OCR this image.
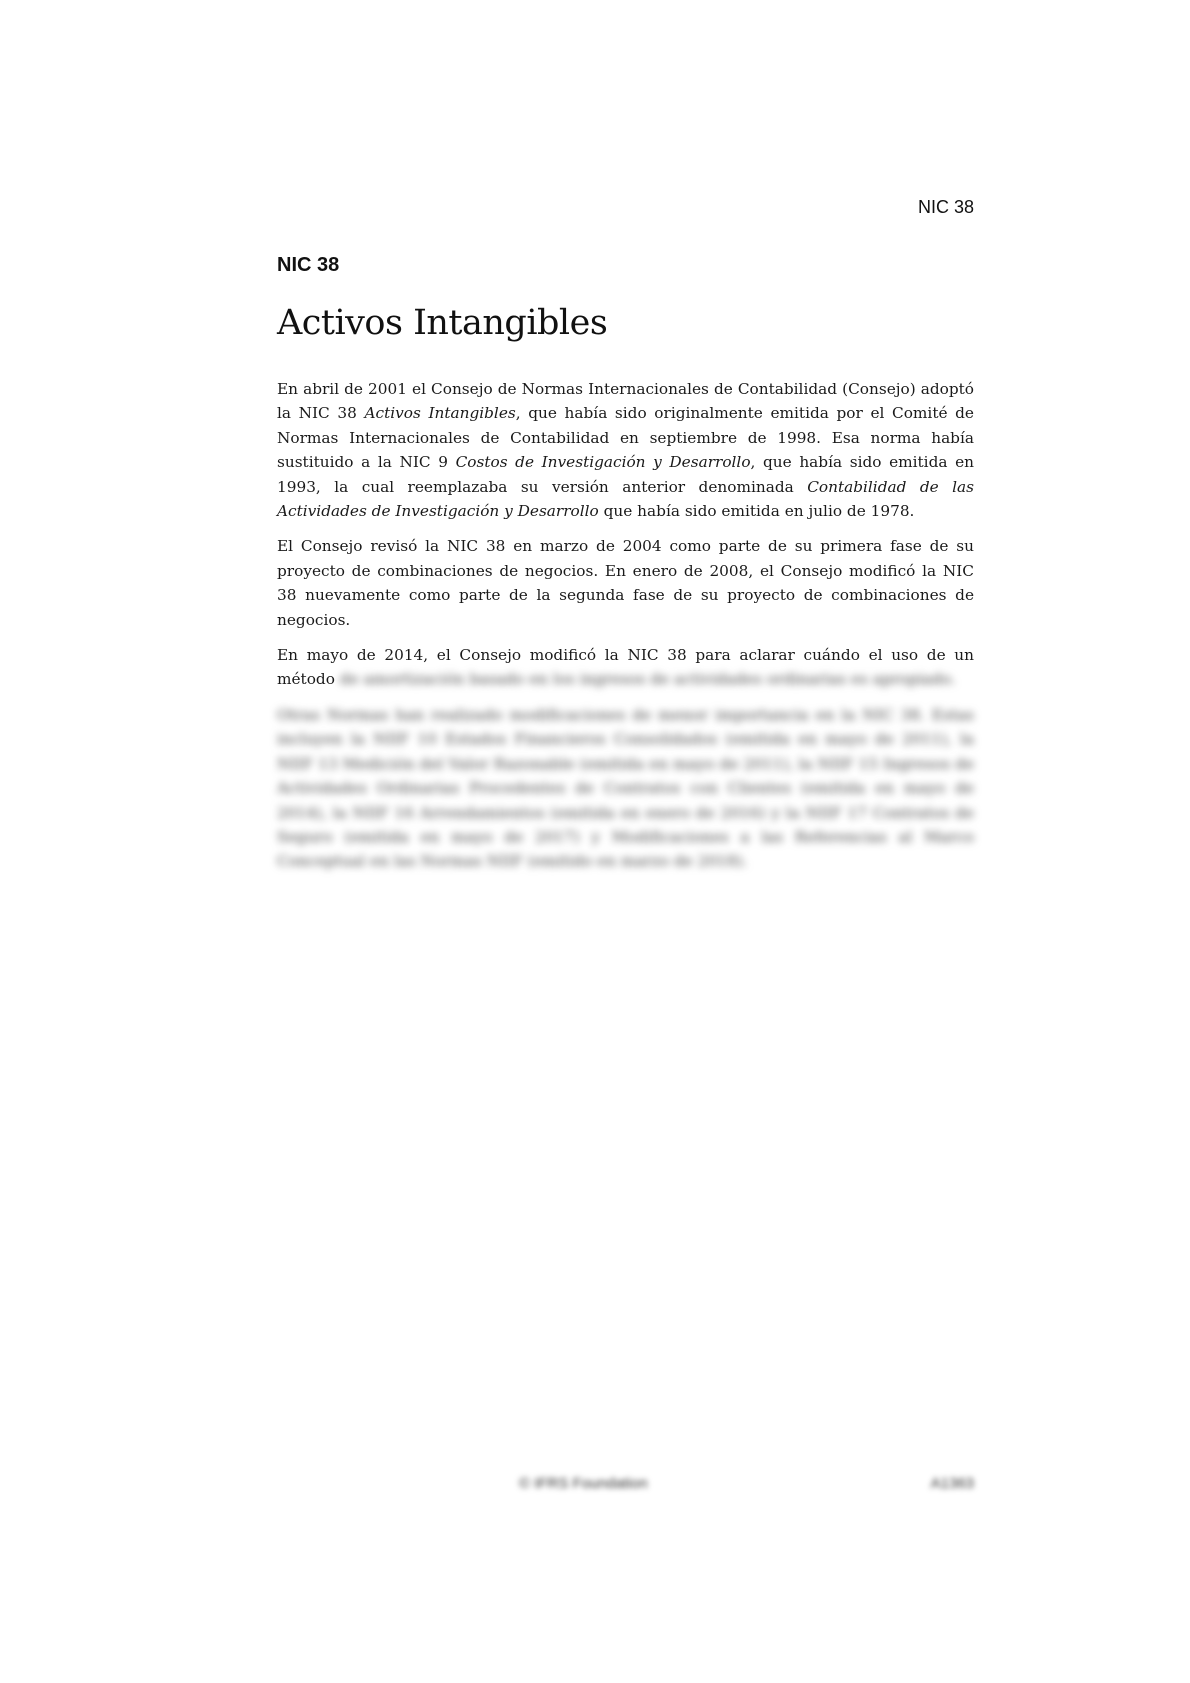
NIC 38
NIC 38
Activos Intangibles

En abril de 2001 el Consejo de Normas Internacionales de Contabilidad (Consejo) adoptó la NIC 38 Activos Intangibles, que había sido originalmente emitida por el Comité de Normas Internacionales de Contabilidad en septiembre de 1998. Esa norma había sustituido a la NIC 9 Costos de Investigación y Desarrollo, que había sido emitida en 1993, la cual reemplazaba su versión anterior denominada Contabilidad de las Actividades de Investigación y Desarrollo que había sido emitida en julio de 1978.

El Consejo revisó la NIC 38 en marzo de 2004 como parte de su primera fase de su proyecto de combinaciones de negocios. En enero de 2008, el Consejo modificó la NIC 38 nuevamente como parte de la segunda fase de su proyecto de combinaciones de negocios.

En mayo de 2014, el Consejo modificó la NIC 38 para aclarar cuándo el uso de un método de amortización basado en los ingresos de actividades ordinarias es apropiado.

Otras Normas han realizado modificaciones de menor importancia en la NIC 38. Estas incluyen la NIIF 10 Estados Financieros Consolidados (emitida en mayo de 2011), la NIIF 13 Medición del Valor Razonable (emitida en mayo de 2011), la NIIF 15 Ingresos de Actividades Ordinarias Procedentes de Contratos con Clientes (emitida en mayo de 2014), la NIIF 16 Arrendamientos (emitida en enero de 2016) y la NIIF 17 Contratos de Seguro (emitida en mayo de 2017) y Modificaciones a las Referencias al Marco Conceptual en las Normas NIIF (emitido en marzo de 2018).

© IFRS Foundation	A1363
